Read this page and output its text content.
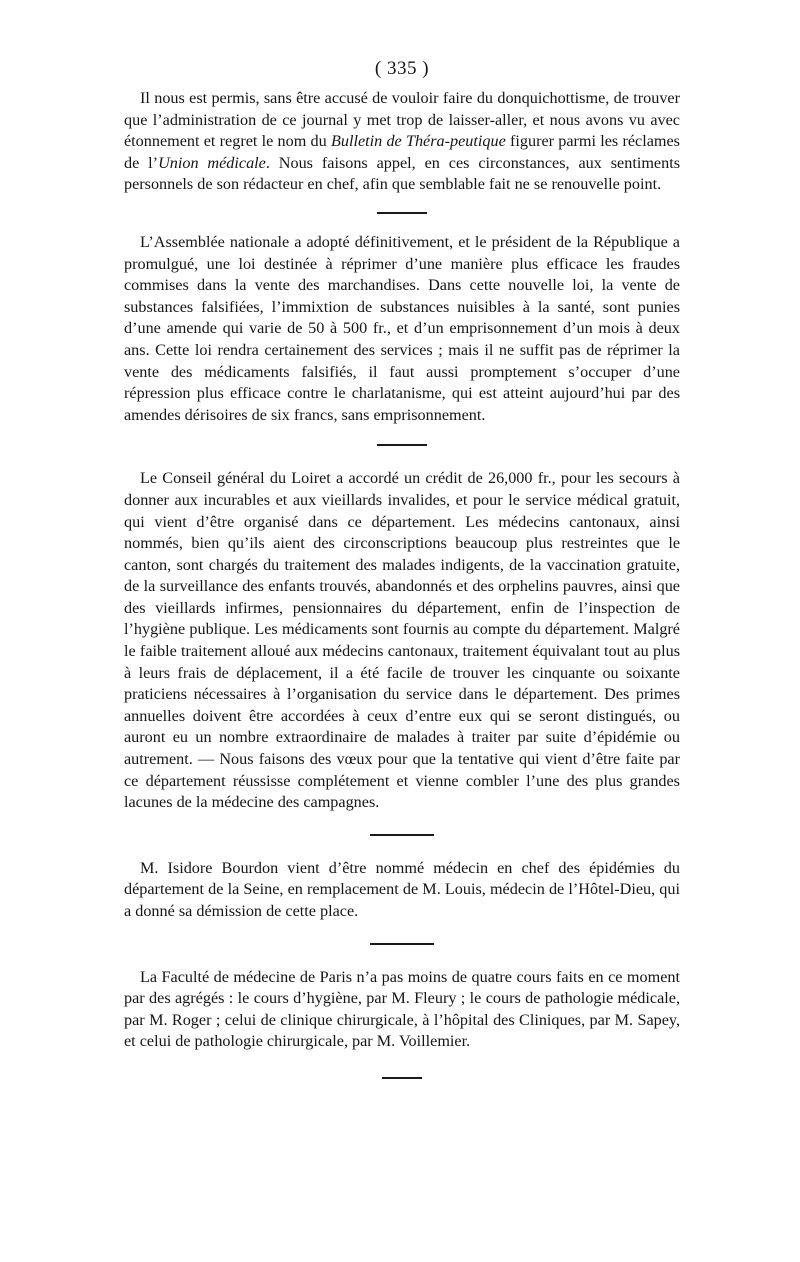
( 335 )

Il nous est permis, sans être accusé de vouloir faire du donquichottisme, de trouver que l’administration de ce journal y met trop de laisser-aller, et nous avons vu avec étonnement et regret le nom du Bulletin de Théra-peutique figurer parmi les réclames de l’Union médicale. Nous faisons appel, en ces circonstances, aux sentiments personnels de son rédacteur en chef, afin que semblable fait ne se renouvelle point.

L’Assemblée nationale a adopté définitivement, et le président de la République a promulgué, une loi destinée à réprimer d’une manière plus efficace les fraudes commises dans la vente des marchandises. Dans cette nouvelle loi, la vente de substances falsifiées, l’immixtion de substances nuisibles à la santé, sont punies d’une amende qui varie de 50 à 500 fr., et d’un emprisonnement d’un mois à deux ans. Cette loi rendra certainement des services ; mais il ne suffit pas de réprimer la vente des médicaments falsifiés, il faut aussi promptement s’occuper d’une répression plus efficace contre le charlatanisme, qui est atteint aujourd’hui par des amendes dérisoires de six francs, sans emprisonnement.

Le Conseil général du Loiret a accordé un crédit de 26,000 fr., pour les secours à donner aux incurables et aux vieillards invalides, et pour le service médical gratuit, qui vient d’être organisé dans ce département. Les médecins cantonaux, ainsi nommés, bien qu’ils aient des circonscriptions beaucoup plus restreintes que le canton, sont chargés du traitement des malades indigents, de la vaccination gratuite, de la surveillance des enfants trouvés, abandonnés et des orphelins pauvres, ainsi que des vieillards infirmes, pensionnaires du département, enfin de l’inspection de l’hygiène publique. Les médicaments sont fournis au compte du département. Malgré le faible traitement alloué aux médecins cantonaux, traitement équivalant tout au plus à leurs frais de déplacement, il a été facile de trouver les cinquante ou soixante praticiens nécessaires à l’organisation du service dans le département. Des primes annuelles doivent être accordées à ceux d’entre eux qui se seront distingués, ou auront eu un nombre extraordinaire de malades à traiter par suite d’épidémie ou autrement. — Nous faisons des vœux pour que la tentative qui vient d’être faite par ce département réussisse complétement et vienne combler l’une des plus grandes lacunes de la médecine des campagnes.

M. Isidore Bourdon vient d’être nommé médecin en chef des épidémies du département de la Seine, en remplacement de M. Louis, médecin de l’Hôtel-Dieu, qui a donné sa démission de cette place.

La Faculté de médecine de Paris n’a pas moins de quatre cours faits en ce moment par des agrégés : le cours d’hygiène, par M. Fleury ; le cours de pathologie médicale, par M. Roger ; celui de clinique chirurgicale, à l’hôpital des Cliniques, par M. Sapey, et celui de pathologie chirurgicale, par M. Voillemier.
